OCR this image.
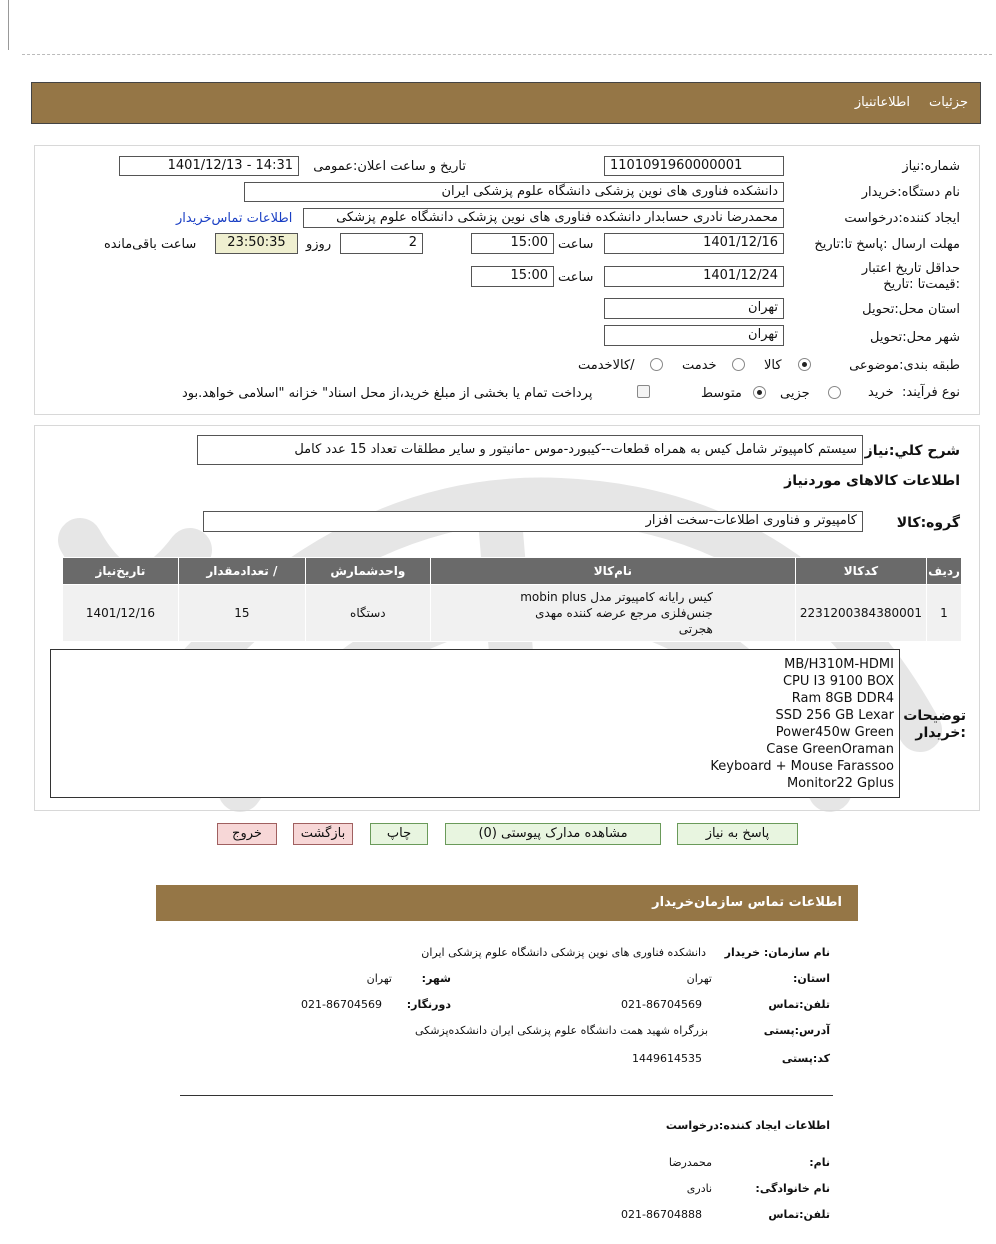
جزئیات
اطلاعاتنیاز
شماره:نیاز
1101091960000001
تاریخ و ساعت اعلان:عمومی
1401/12/13 - 14:31
نام دستگاه:خریدار
دانشکده فناوری های نوین پزشکی دانشگاه علوم پزشکی ایران
ایجاد کننده:درخواست
محمدرضا نادری حسابدار دانشکده فناوری های نوین پزشکی دانشگاه علوم پزشکی
اطلاعات تماس‌خریدار
مهلت ارسال :پاسخ تا:تاریخ
1401/12/16
ساعت
15:00
2
روزو
23:50:35
ساعت باقی‌مانده
حداقل تاریخ اعتبار :قیمت‌تا :تاریخ
1401/12/24
ساعت
15:00
استان محل:تحویل
تهران
شهر محل:تحویل
تهران
طبقه بندی:موضوعی
کالا
خدمت
/کالاخدمت
نوع فرآیند:
خرید
جزیی
متوسط
پرداخت تمام یا بخشی از مبلغ خرید،از محل اسناد" خزانه "اسلامی خواهد.بود
شرح کلي:نیاز
سیستم کامپیوتر شامل کیس به همراه قطعات--کیبورد-موس -مانیتور و سایر مطلقات تعداد 15 عدد کامل
اطلاعات کالاهای موردنیاز
گروه:کالا
کامپیوتر و فناوری اطلاعات-سخت افزار
ردیف	کدکالا	نام‌کالا	واحدشمارش	/ تعدادمقدار	تاریخ‌نیاز
1	2231200384380001	کیس رایانه کامپیوتر مدل mobin plus جنس‌فلزی مرجع عرضه کننده مهدی هجرتی	دستگاه	15	1401/12/16
توضیحات :خریدار
MB/H310M-HDMI
CPU I3 9100 BOX
Ram 8GB DDR4
SSD 256 GB Lexar
Power450w Green
Case GreenOraman
Keyboard + Mouse Farassoo
Monitor22 Gplus
پاسخ به نیاز
مشاهده مدارک پیوستی (0)
چاپ
بازگشت
خروج
اطلاعات تماس سازمان‌خریدار
نام سازمان: خریدار
دانشکده فناوری های نوین پزشکی دانشگاه علوم پزشکی ایران
استان:
تهران
شهر:
تهران
تلفن:تماس
021-86704569
دورنگار:
021-86704569
آدرس:پستی
بزرگراه شهید همت دانشگاه علوم پزشکی ایران دانشکده‌پزشکی
کد:پستی
1449614535
اطلاعات ایجاد کننده:درخواست
نام:
محمدرضا
نام خانوادگی:
نادری
تلفن:تماس
021-86704888
